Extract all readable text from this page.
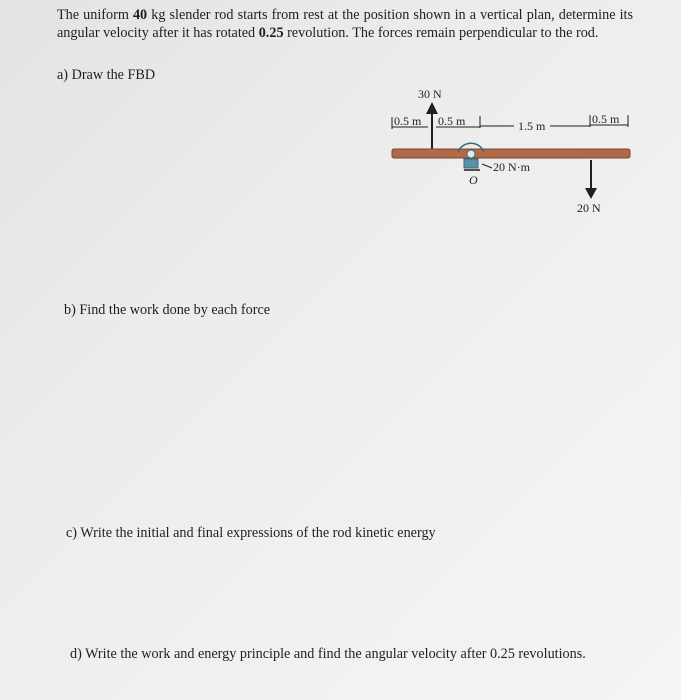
The uniform 40 kg slender rod starts from rest at the position shown in a vertical plan, determine its angular velocity after it has rotated 0.25 revolution. The forces remain perpendicular to the rod.

a) Draw the FBD

30 N
0.5 m 0.5 m	1.5 m	0.5 m
O
20 N·m
20 N

b) Find the work done by each force

c) Write the initial and final expressions of the rod kinetic energy

d) Write the work and energy principle and find the angular velocity after 0.25 revolutions.
